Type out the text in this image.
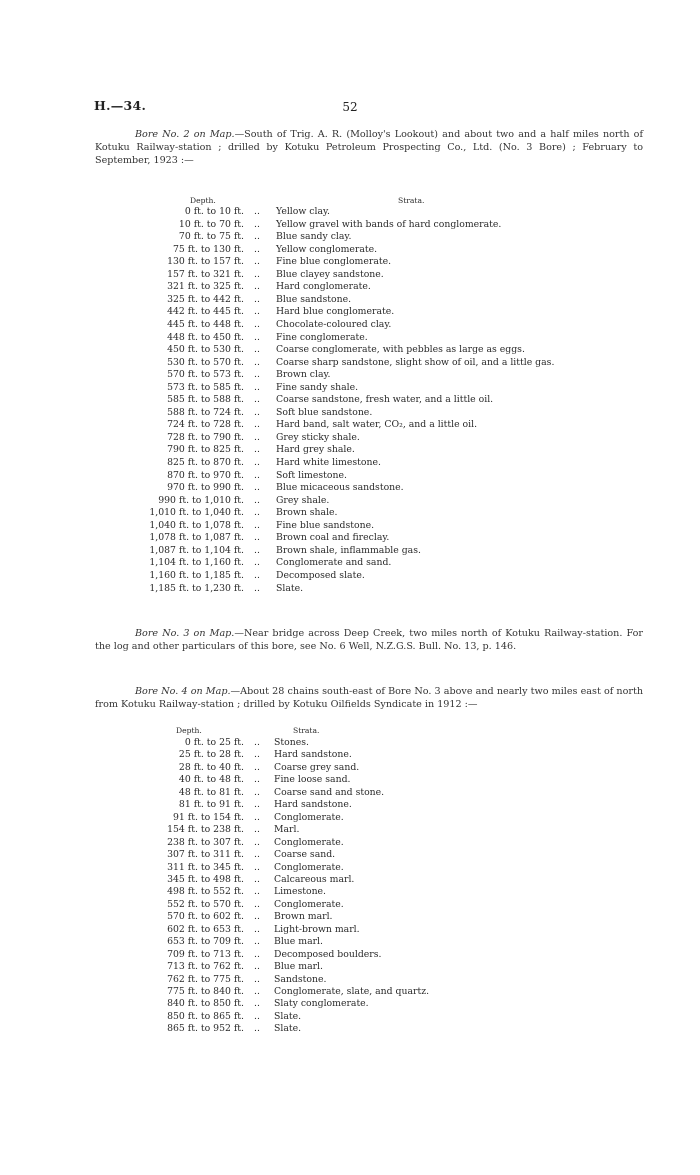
H.—34.	52
Bore No. 2 on Map.—South of Trig. A. R. (Molloy's Lookout) and about two and a half miles north of Kotuku Railway-station ; drilled by Kotuku Petroleum Prospecting Co., Ltd. (No. 3 Bore) ; February to September, 1923 :—
Depth.	Strata.
0 ft. to 10 ft. .. Yellow clay.
10 ft. to 70 ft. .. Yellow gravel with bands of hard conglomerate.
70 ft. to 75 ft. .. Blue sandy clay.
75 ft. to 130 ft. .. Yellow conglomerate.
130 ft. to 157 ft. .. Fine blue conglomerate.
157 ft. to 321 ft. .. Blue clayey sandstone.
321 ft. to 325 ft. .. Hard conglomerate.
325 ft. to 442 ft. .. Blue sandstone.
442 ft. to 445 ft. .. Hard blue conglomerate.
445 ft. to 448 ft. .. Chocolate-coloured clay.
448 ft. to 450 ft. .. Fine conglomerate.
450 ft. to 530 ft. .. Coarse conglomerate, with pebbles as large as eggs.
530 ft. to 570 ft. .. Coarse sharp sandstone, slight show of oil, and a little gas.
570 ft. to 573 ft. .. Brown clay.
573 ft. to 585 ft. .. Fine sandy shale.
585 ft. to 588 ft. .. Coarse sandstone, fresh water, and a little oil.
588 ft. to 724 ft. .. Soft blue sandstone.
724 ft. to 728 ft. .. Hard band, salt water, CO₂, and a little oil.
728 ft. to 790 ft. .. Grey sticky shale.
790 ft. to 825 ft. .. Hard grey shale.
825 ft. to 870 ft. .. Hard white limestone.
870 ft. to 970 ft. .. Soft limestone.
970 ft. to 990 ft. .. Blue micaceous sandstone.
990 ft. to 1,010 ft. .. Grey shale.
1,010 ft. to 1,040 ft. .. Brown shale.
1,040 ft. to 1,078 ft. .. Fine blue sandstone.
1,078 ft. to 1,087 ft. .. Brown coal and fireclay.
1,087 ft. to 1,104 ft. .. Brown shale, inflammable gas.
1,104 ft. to 1,160 ft. .. Conglomerate and sand.
1,160 ft. to 1,185 ft. .. Decomposed slate.
1,185 ft. to 1,230 ft. .. Slate.
Bore No. 3 on Map.—Near bridge across Deep Creek, two miles north of Kotuku Railway-station. For the log and other particulars of this bore, see No. 6 Well, N.Z.G.S. Bull. No. 13, p. 146.
Bore No. 4 on Map.—About 28 chains south-east of Bore No. 3 above and nearly two miles east of north from Kotuku Railway-station ; drilled by Kotuku Oilfields Syndicate in 1912 :—
Depth.	Strata.
0 ft. to 25 ft. .. Stones.
25 ft. to 28 ft. .. Hard sandstone.
28 ft. to 40 ft. .. Coarse grey sand.
40 ft. to 48 ft. .. Fine loose sand.
48 ft. to 81 ft. .. Coarse sand and stone.
81 ft. to 91 ft. .. Hard sandstone.
91 ft. to 154 ft. .. Conglomerate.
154 ft. to 238 ft. .. Marl.
238 ft. to 307 ft. .. Conglomerate.
307 ft. to 311 ft. .. Coarse sand.
311 ft. to 345 ft. .. Conglomerate.
345 ft. to 498 ft. .. Calcareous marl.
498 ft. to 552 ft. .. Limestone.
552 ft. to 570 ft. .. Conglomerate.
570 ft. to 602 ft. .. Brown marl.
602 ft. to 653 ft. .. Light-brown marl.
653 ft. to 709 ft. .. Blue marl.
709 ft. to 713 ft. .. Decomposed boulders.
713 ft. to 762 ft. .. Blue marl.
762 ft. to 775 ft. .. Sandstone.
775 ft. to 840 ft. .. Conglomerate, slate, and quartz.
840 ft. to 850 ft. .. Slaty conglomerate.
850 ft. to 865 ft. .. Slate.
865 ft. to 952 ft. .. Slate.
